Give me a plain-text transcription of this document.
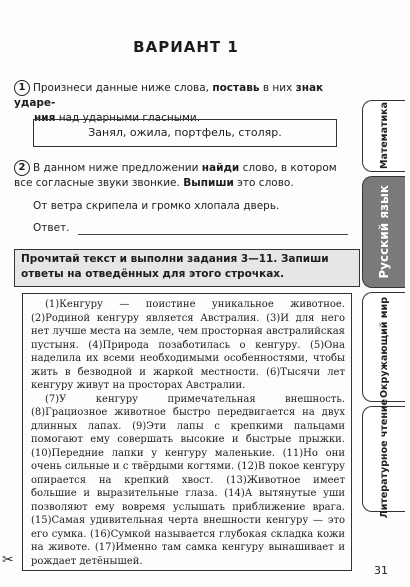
ВАРИАНТ 1
1 Произнеси данные ниже слова, поставь в них знак ударе-
ния над ударными гласными.
Занял, ожила, портфель, столяр.
2 В данном ниже предложении найди слово, в котором все согласные звуки звонкие. Выпиши это слово.
От ветра скрипела и громко хлопала дверь.
Ответ.
Прочитай текст и выполни задания 3—11. Запиши ответы на отведённых для этого строчках.

(1)Кенгуру — поистине уникальное животное. (2)Родиной кенгуру является Австралия. (3)И для него нет лучше места на земле, чем просторная австралийская пустыня. (4)Природа позаботилась о кенгуру. (5)Она наделила их всеми необходимыми особенностями, чтобы жить в безводной и жаркой местности. (6)Тысячи лет кенгуру живут на просторах Австралии.

(7)У кенгуру примечательная внешность. (8)Грациозное животное быстро передвигается на двух длинных лапах. (9)Эти лапы с крепкими пальцами помогают ему совершать высокие и быстрые прыжки. (10)Передние лапки у кенгуру маленькие. (11)Но они очень сильные и с твёрдыми когтями. (12)В покое кенгуру опирается на крепкий хвост. (13)Животное имеет большие и выразительные глаза. (14)А вытянутые уши позволяют ему вовремя услышать приближение врага. (15)Самая удивительная черта внешности кенгуру — это его сумка. (16)Сумкой называется глубокая складка кожи на животе. (17)Именно там самка кенгуру вынашивает и рождает детёнышей.

✂
31
Математика
Русский язык
Окружающий мир
Литературное чтение
